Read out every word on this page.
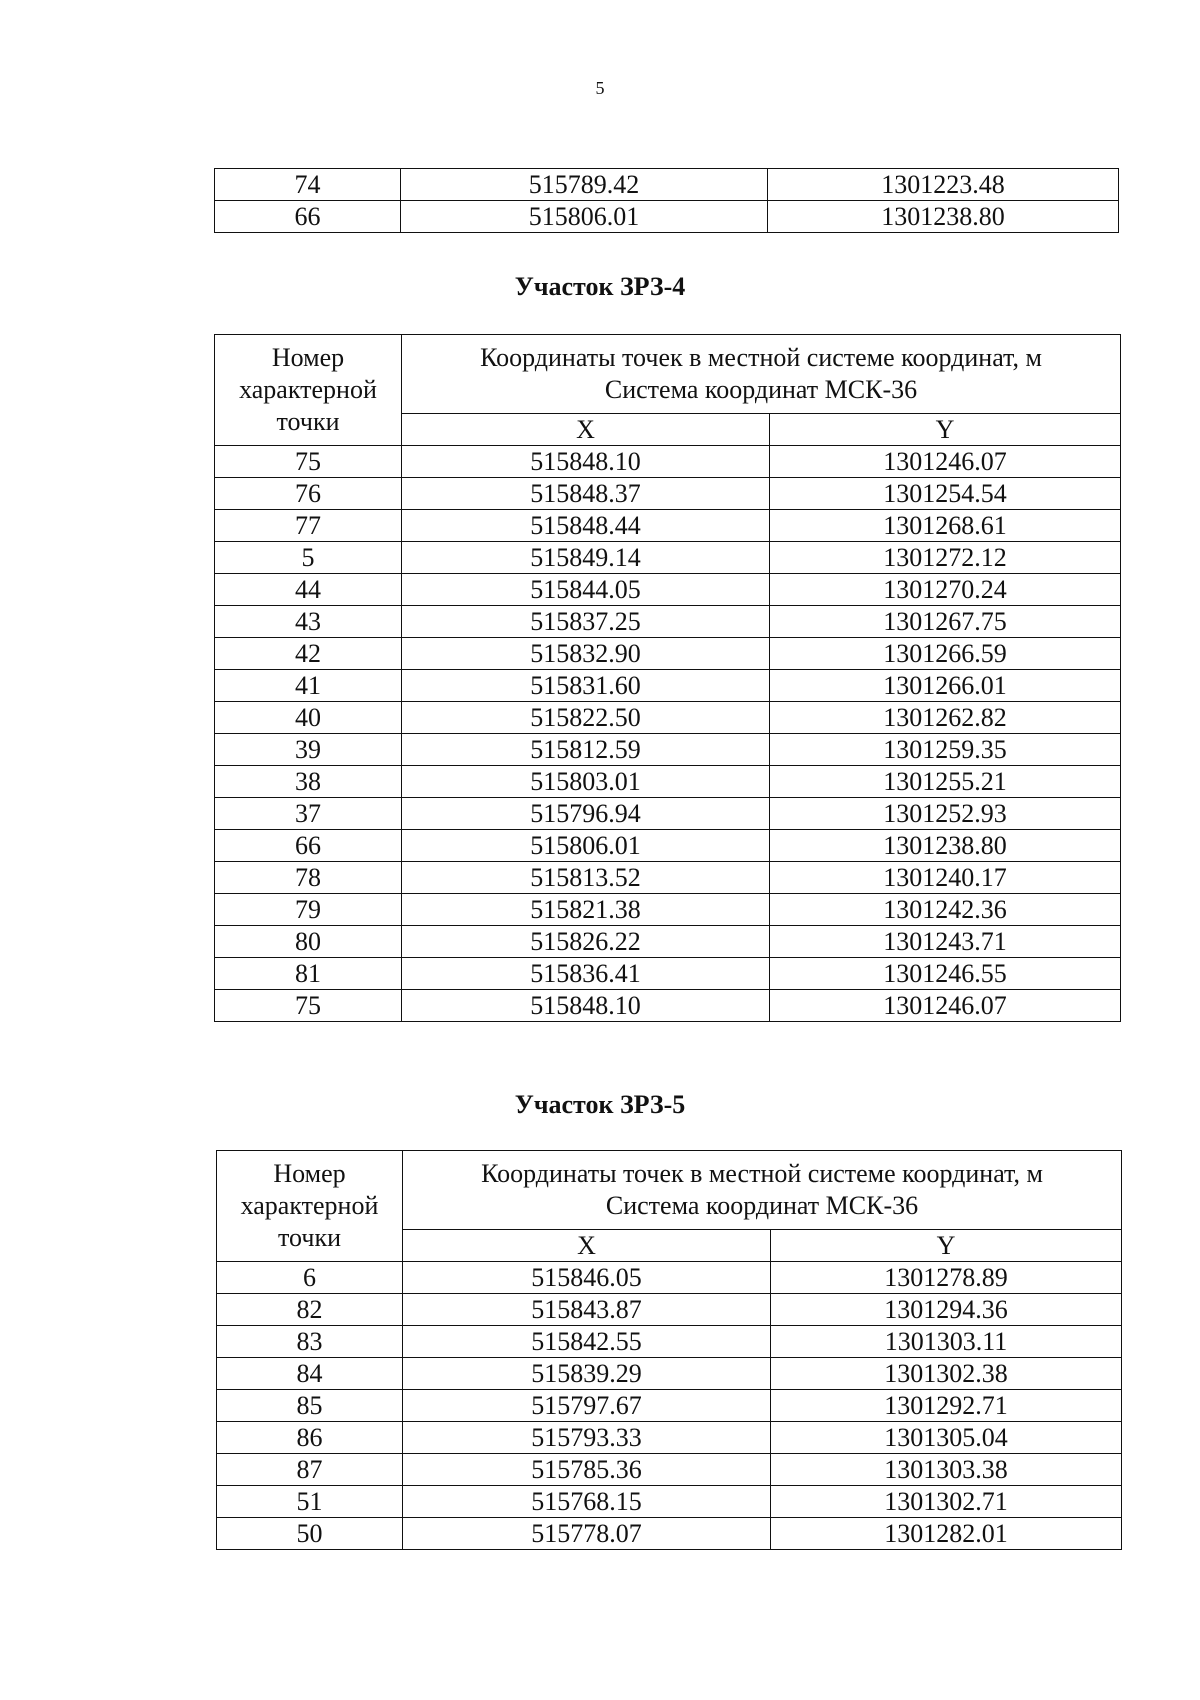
5
74	515789.42	1301223.48
66	515806.01	1301238.80
Участок ЗРЗ-4
Номер характерной точки	Координаты точек в местной системе координат, м
Система координат МСК-36	

	X	Y
75	515848.10	1301246.07
76	515848.37	1301254.54
77	515848.44	1301268.61
5	515849.14	1301272.12
44	515844.05	1301270.24
43	515837.25	1301267.75
42	515832.90	1301266.59
41	515831.60	1301266.01
40	515822.50	1301262.82
39	515812.59	1301259.35
38	515803.01	1301255.21
37	515796.94	1301252.93
66	515806.01	1301238.80
78	515813.52	1301240.17
79	515821.38	1301242.36
80	515826.22	1301243.71
81	515836.41	1301246.55
75	515848.10	1301246.07
Участок ЗРЗ-5
Номер характерной точки	Координаты точек в местной системе координат, м
Система координат МСК-36	

	X	Y
6	515846.05	1301278.89
82	515843.87	1301294.36
83	515842.55	1301303.11
84	515839.29	1301302.38
85	515797.67	1301292.71
86	515793.33	1301305.04
87	515785.36	1301303.38
51	515768.15	1301302.71
50	515778.07	1301282.01
